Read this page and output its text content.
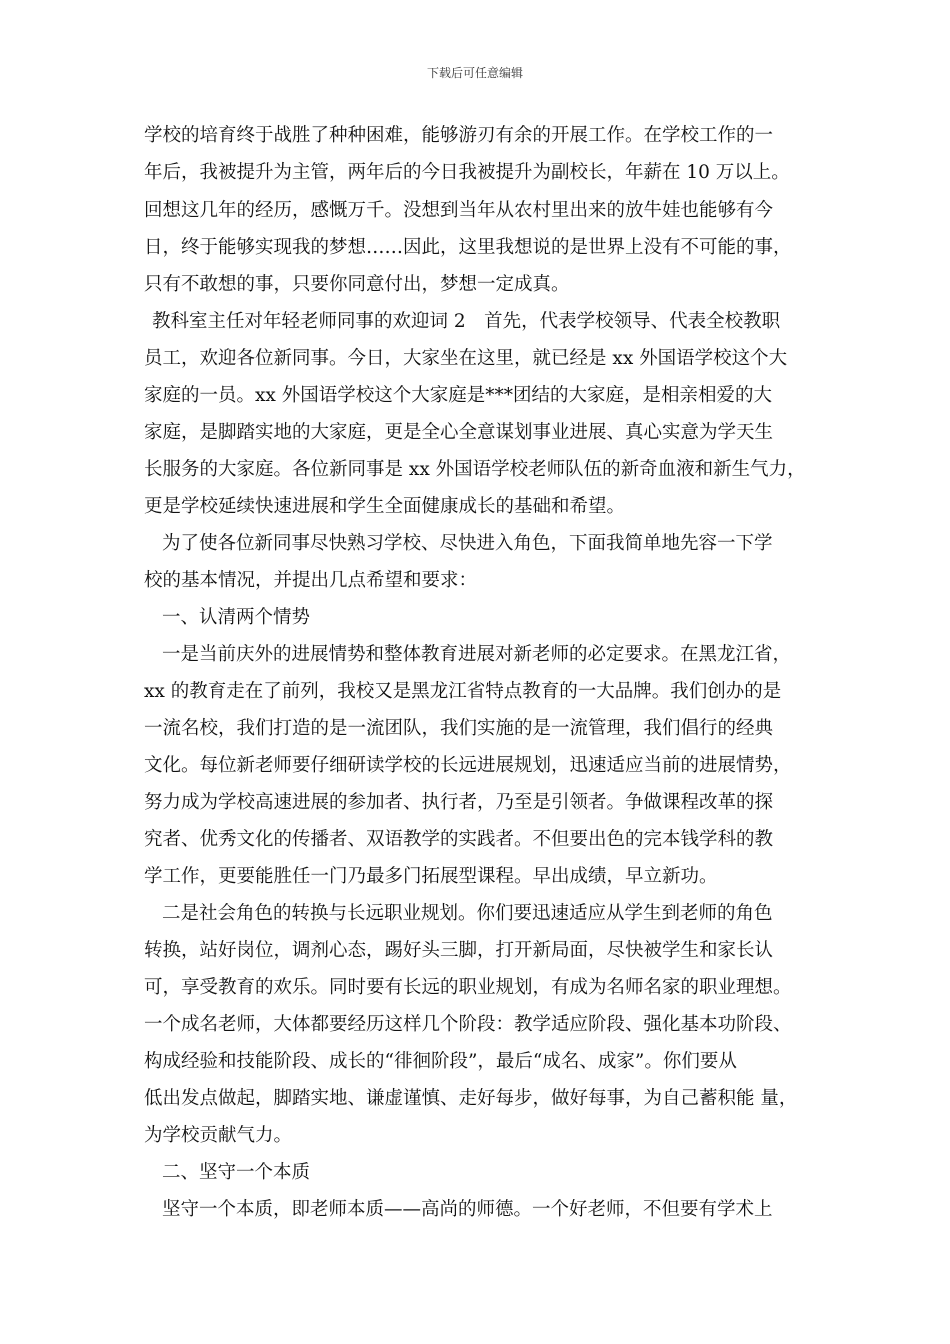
下载后可任意编辑
学校的培育终于战胜了种种困难，能够游刃有余的开展工作。在学校工作的一
年后，我被提升为主管，两年后的今日我被提升为副校长，年薪在 10 万以上。
回想这几年的经历，感慨万千。没想到当年从农村里出来的放牛娃也能够有今
日，终于能够实现我的梦想……因此，这里我想说的是世界上没有不可能的事，
只有不敢想的事，只要你同意付出，梦想一定成真。
教科室主任对年轻老师同事的欢迎词 2　首先，代表学校领导、代表全校教职
员工，欢迎各位新同事。今日，大家坐在这里，就已经是 xx 外国语学校这个大
家庭的一员。xx 外国语学校这个大家庭是***团结的大家庭，是相亲相爱的大
家庭，是脚踏实地的大家庭，更是全心全意谋划事业进展、真心实意为学天生
长服务的大家庭。各位新同事是 xx 外国语学校老师队伍的新奇血液和新生气力，
更是学校延续快速进展和学生全面健康成长的基础和希望。
为了使各位新同事尽快熟习学校、尽快进入角色，下面我简单地先容一下学
校的基本情况，并提出几点希望和要求：
一、认清两个情势
一是当前庆外的进展情势和整体教育进展对新老师的必定要求。在黑龙江省，
xx 的教育走在了前列，我校又是黑龙江省特点教育的一大品牌。我们创办的是
一流名校，我们打造的是一流团队，我们实施的是一流管理，我们倡行的经典
文化。每位新老师要仔细研读学校的长远进展规划，迅速适应当前的进展情势，
努力成为学校高速进展的参加者、执行者，乃至是引领者。争做课程改革的探
究者、优秀文化的传播者、双语教学的实践者。不但要出色的完本钱学科的教
学工作，更要能胜任一门乃最多门拓展型课程。早出成绩，早立新功。
二是社会角色的转换与长远职业规划。你们要迅速适应从学生到老师的角色
转换，站好岗位，调剂心态，踢好头三脚，打开新局面，尽快被学生和家长认
可，享受教育的欢乐。同时要有长远的职业规划，有成为名师名家的职业理想。
一个成名老师，大体都要经历这样几个阶段：教学适应阶段、强化基本功阶段、
构成经验和技能阶段、成长的“徘徊阶段”，最后“成名、成家”。你们要从
低出发点做起，脚踏实地、谦虚谨慎、走好每步，做好每事，为自己蓄积能 量，
为学校贡献气力。
二、坚守一个本质
坚守一个本质，即老师本质——高尚的师德。一个好老师，不但要有学术上
